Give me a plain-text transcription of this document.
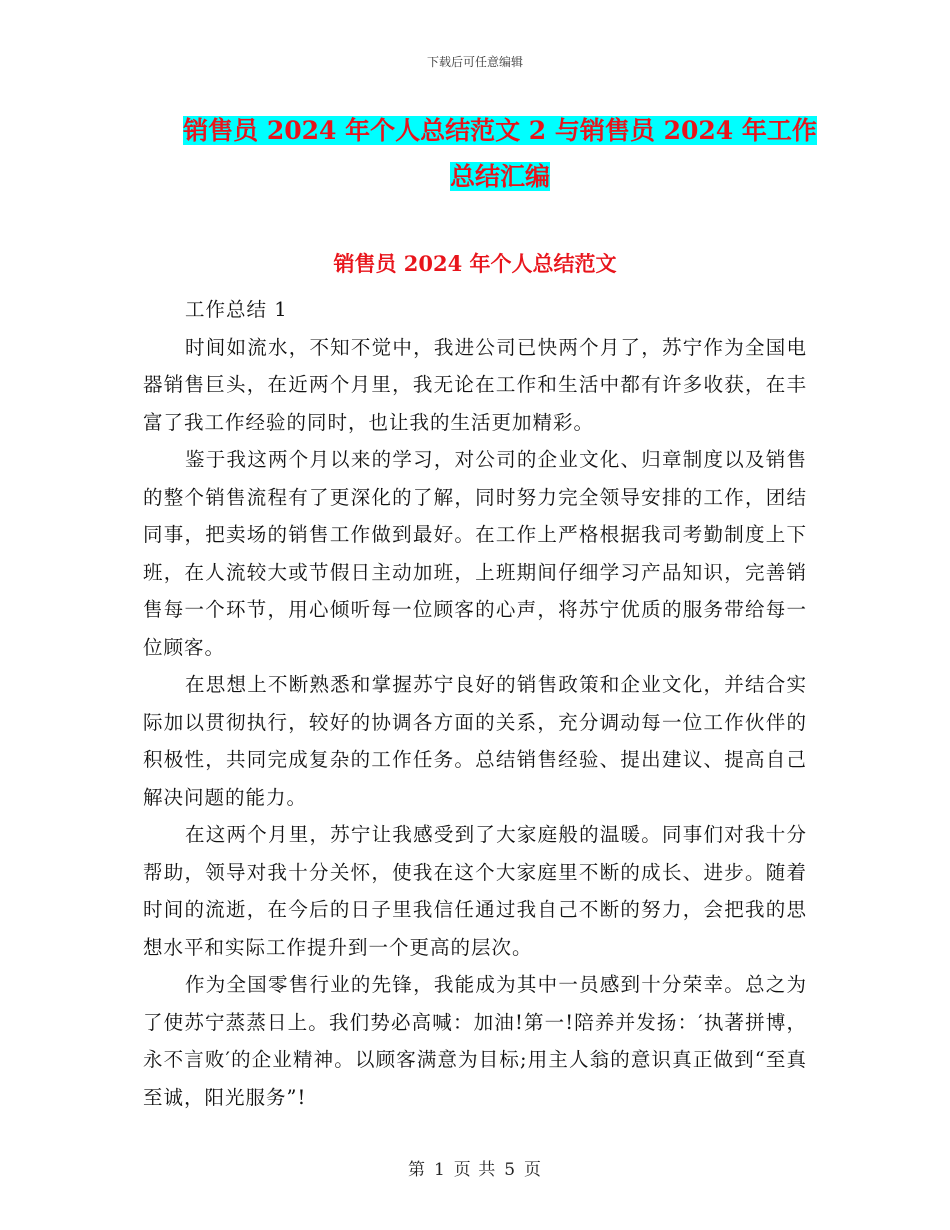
下载后可任意编辑
销售员 2024 年个人总结范文 2 与销售员 2024 年工作
总结汇编
销售员 2024 年个人总结范文

工作总结 1

时间如流水，不知不觉中，我进公司已快两个月了，苏宁作为全国电器销售巨头，在近两个月里，我无论在工作和生活中都有许多收获，在丰富了我工作经验的同时，也让我的生活更加精彩。

鉴于我这两个月以来的学习，对公司的企业文化、归章制度以及销售的整个销售流程有了更深化的了解，同时努力完全领导安排的工作，团结同事，把卖场的销售工作做到最好。在工作上严格根据我司考勤制度上下班，在人流较大或节假日主动加班，上班期间仔细学习产品知识，完善销售每一个环节，用心倾听每一位顾客的心声，将苏宁优质的服务带给每一位顾客。

在思想上不断熟悉和掌握苏宁良好的销售政策和企业文化，并结合实际加以贯彻执行，较好的协调各方面的关系，充分调动每一位工作伙伴的积极性，共同完成复杂的工作任务。总结销售经验、提出建议、提高自己解决问题的能力。

在这两个月里，苏宁让我感受到了大家庭般的温暖。同事们对我十分帮助，领导对我十分关怀，使我在这个大家庭里不断的成长、进步。随着时间的流逝，在今后的日子里我信任通过我自己不断的努力，会把我的思想水平和实际工作提升到一个更高的层次。

作为全国零售行业的先锋，我能成为其中一员感到十分荣幸。总之为了使苏宁蒸蒸日上。我们势必高喊：加油!第一!陪养并发扬：′执著拼博，永不言败′的企业精神。以顾客满意为目标;用主人翁的意识真正做到“至真至诚，阳光服务”!

第 1 页 共 5 页
